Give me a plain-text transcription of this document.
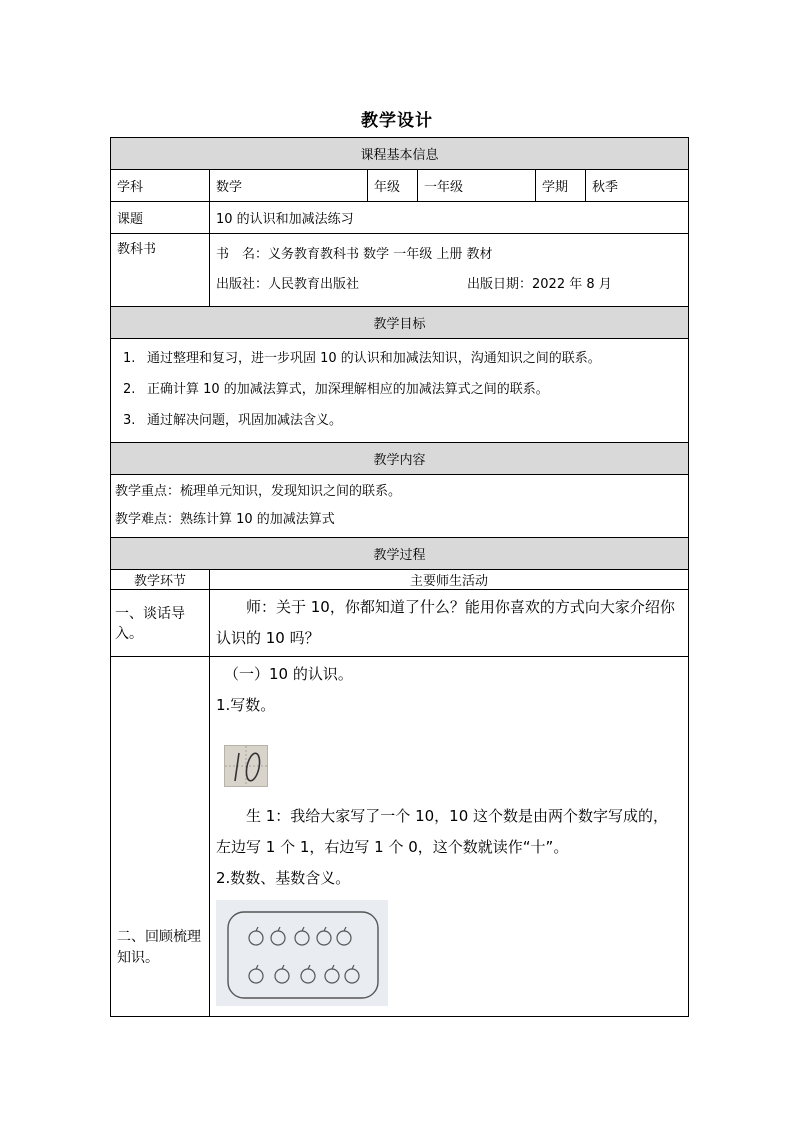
教学设计
课程基本信息					
学科	数学	年级	一年级	学期	秋季
课题	10 的认识和加减法练习				
教科书	书　名：义务教育教科书 数学 一年级 上册 教材
出版社：人民教育出版社 出版日期：2022 年 8 月				

教学目标					

1. 通过整理和复习，进一步巩固 10 的认识和加减法知识，沟通知识之间的联系。
2. 正确计算 10 的加减法算式，加深理解相应的加减法算式之间的联系。
3. 通过解决问题，巩固加减法含义。					

教学内容					

教学重点：梳理单元知识，发现知识之间的联系。
教学难点：熟练计算 10 的加减法算式					

教学过程					
教学环节	主要师生活动				
一、谈话导入。	师：关于 10，你都知道了什么？能用你喜欢的方式向大家介绍你认识的 10 吗？				

二、回顾梳理知识。	（一）10 的认识。
1.写数。
生 1：我给大家写了一个 10，10 这个数是由两个数字写成的，左边写 1 个 1，右边写 1 个 0，这个数就读作“十”。
2.数数、基数含义。				
